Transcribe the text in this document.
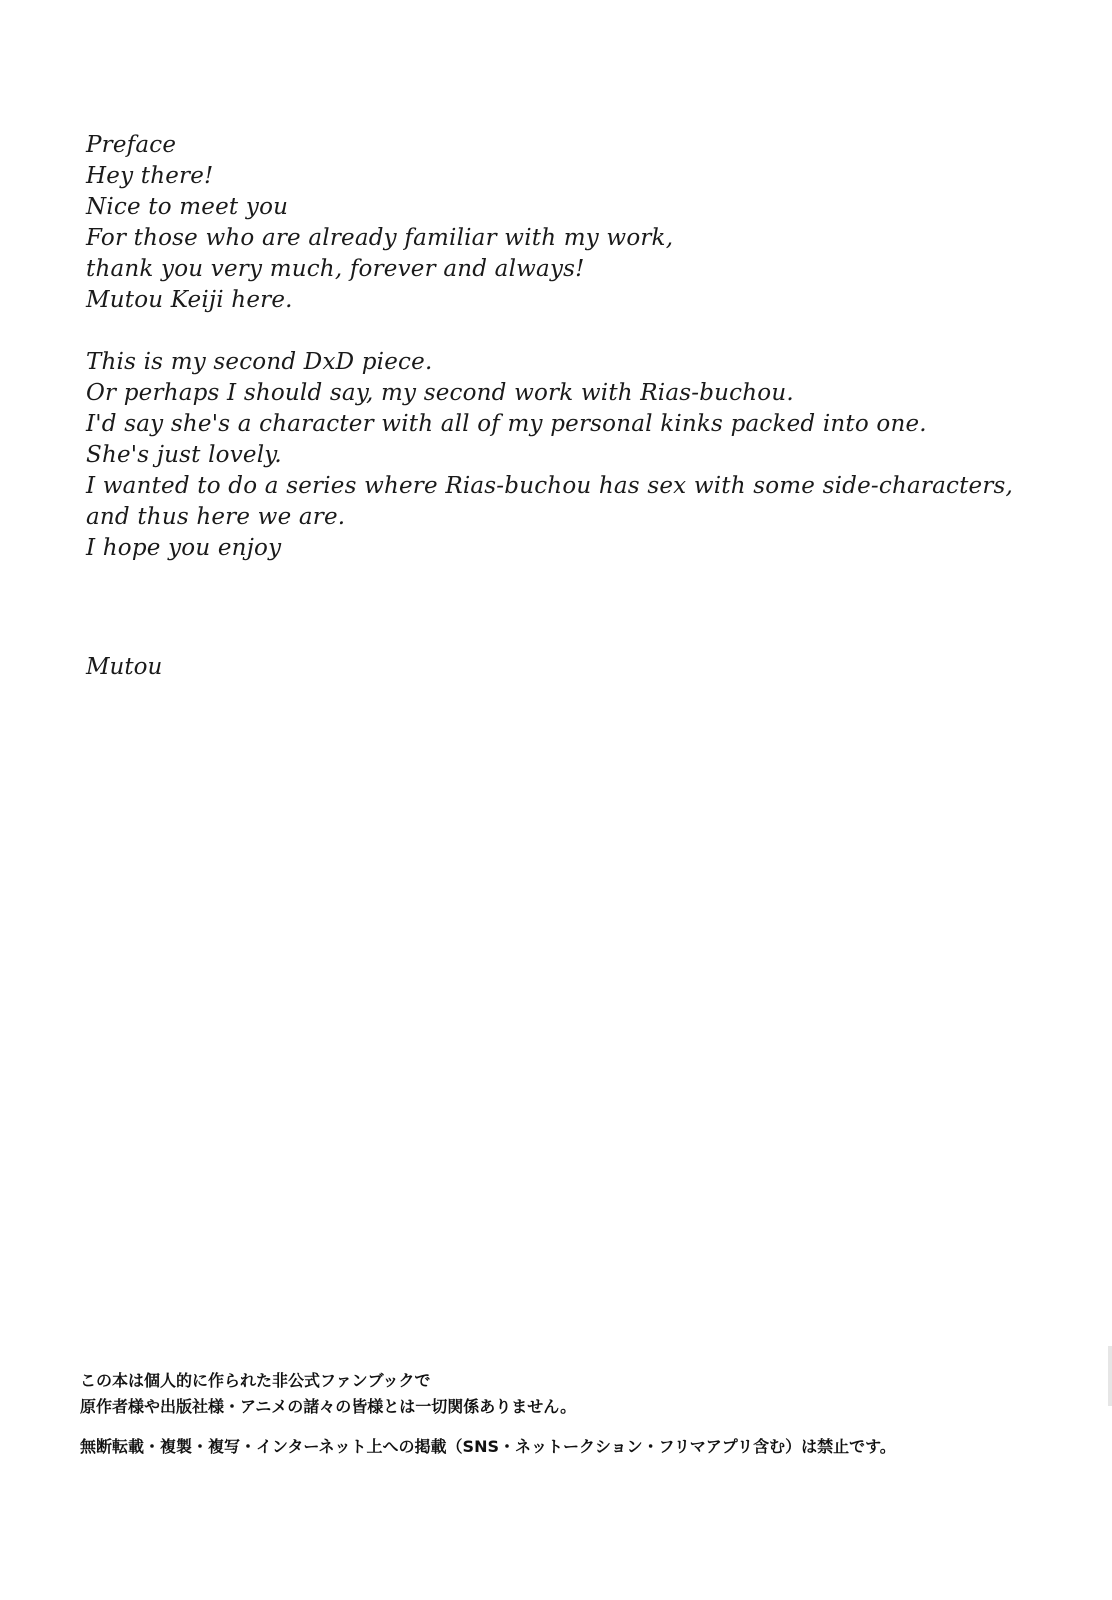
Preface
Hey there!
Nice to meet you
For those who are already familiar with my work,
thank you very much, forever and always!
Mutou Keiji here.
This is my second DxD piece.
Or perhaps I should say, my second work with Rias-buchou.
I'd say she's a character with all of my personal kinks packed into one.
She's just lovely.
I wanted to do a series where Rias-buchou has sex with some side-characters,
and thus here we are.
I hope you enjoy
Mutou
この本は個人的に作られた非公式ファンブックで
原作者様や出版社様・アニメの諸々の皆様とは一切関係ありません。
無断転載・複製・複写・インターネット上への掲載（SNS・ネットークション・フリマアプリ含む）は禁止です。
